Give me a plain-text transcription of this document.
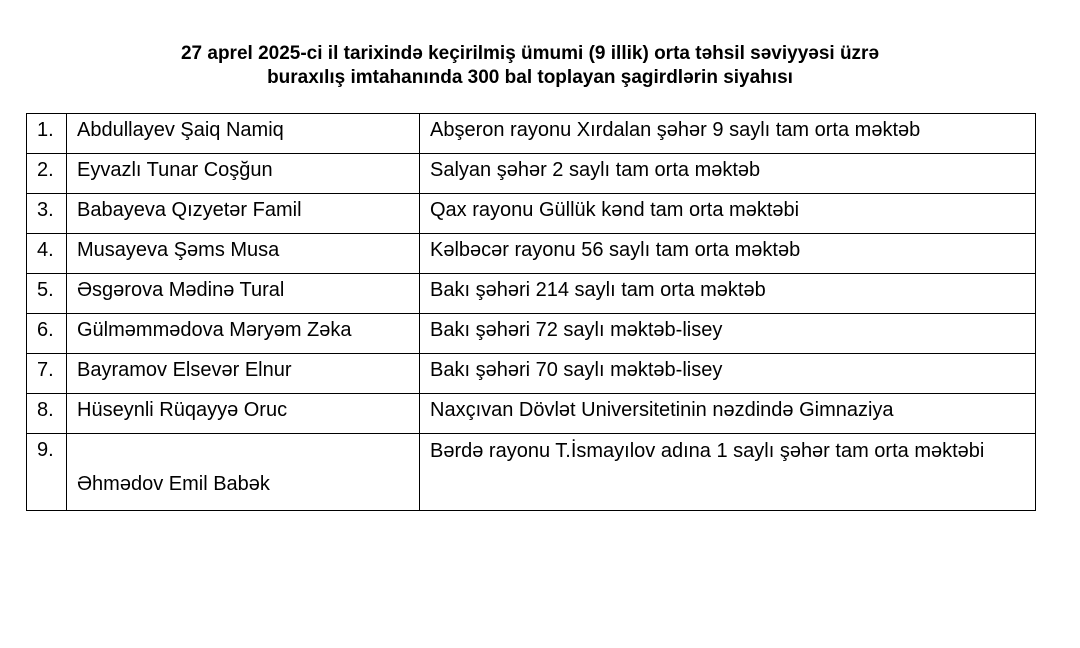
27 aprel 2025-ci il tarixində keçirilmiş ümumi (9 illik) orta təhsil səviyyəsi üzrə
buraxılış imtahanında 300 bal toplayan şagirdlərin siyahısı
1.	Abdullayev Şaiq Namiq	Abşeron rayonu Xırdalan şəhər 9 saylı tam orta məktəb
2.	Eyvazlı Tunar Coşğun	Salyan şəhər 2 saylı tam orta məktəb
3.	Babayeva Qızyetər Famil	Qax rayonu Güllük kənd tam orta məktəbi
4.	Musayeva Şəms Musa	Kəlbəcər rayonu 56 saylı tam orta məktəb
5.	Əsgərova Mədinə Tural	Bakı şəhəri 214 saylı tam orta məktəb
6.	Gülməmmədova Məryəm Zəka	Bakı şəhəri 72 saylı məktəb-lisey
7.	Bayramov Elsevər Elnur	Bakı şəhəri 70 saylı məktəb-lisey
8.	Hüseynli Rüqayyə Oruc	Naxçıvan Dövlət Universitetinin nəzdində Gimnaziya
9.	Əhmədov Emil Babək	Bərdə rayonu T.İsmayılov adına 1 saylı şəhər tam orta məktəbi
